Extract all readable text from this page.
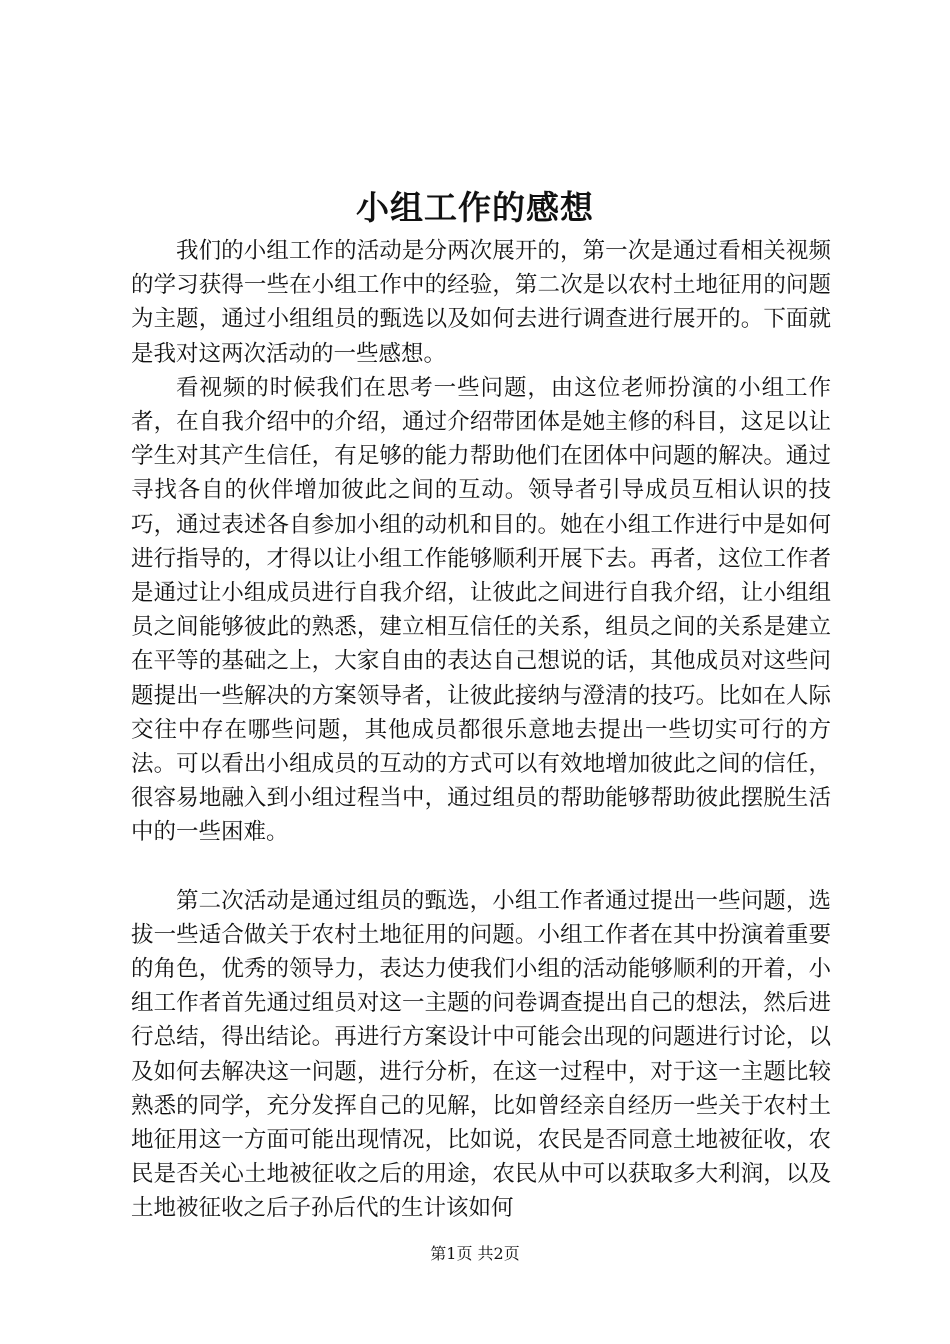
小组工作的感想

我们的小组工作的活动是分两次展开的，第一次是通过看相关视频的学习获得一些在小组工作中的经验，第二次是以农村土地征用的问题为主题，通过小组组员的甄选以及如何去进行调查进行展开的。下面就是我对这两次活动的一些感想。

看视频的时候我们在思考一些问题，由这位老师扮演的小组工作者，在自我介绍中的介绍，通过介绍带团体是她主修的科目，这足以让学生对其产生信任，有足够的能力帮助他们在团体中问题的解决。通过寻找各自的伙伴增加彼此之间的互动。领导者引导成员互相认识的技巧，通过表述各自参加小组的动机和目的。她在小组工作进行中是如何进行指导的，才得以让小组工作能够顺利开展下去。再者，这位工作者是通过让小组成员进行自我介绍，让彼此之间进行自我介绍，让小组组员之间能够彼此的熟悉，建立相互信任的关系，组员之间的关系是建立在平等的基础之上，大家自由的表达自己想说的话，其他成员对这些问题提出一些解决的方案领导者，让彼此接纳与澄清的技巧。比如在人际交往中存在哪些问题，其他成员都很乐意地去提出一些切实可行的方法。可以看出小组成员的互动的方式可以有效地增加彼此之间的信任，很容易地融入到小组过程当中，通过组员的帮助能够帮助彼此摆脱生活中的一些困难。

第二次活动是通过组员的甄选，小组工作者通过提出一些问题，选拔一些适合做关于农村土地征用的问题。小组工作者在其中扮演着重要的角色，优秀的领导力，表达力使我们小组的活动能够顺利的开着，小组工作者首先通过组员对这一主题的问卷调查提出自己的想法，然后进行总结，得出结论。再进行方案设计中可能会出现的问题进行讨论，以及如何去解决这一问题，进行分析，在这一过程中，对于这一主题比较熟悉的同学，充分发挥自己的见解，比如曾经亲自经历一些关于农村土地征用这一方面可能出现情况，比如说，农民是否同意土地被征收，农民是否关心土地被征收之后的用途，农民从中可以获取多大利润，以及土地被征收之后子孙后代的生计该如何

第1页 共2页
